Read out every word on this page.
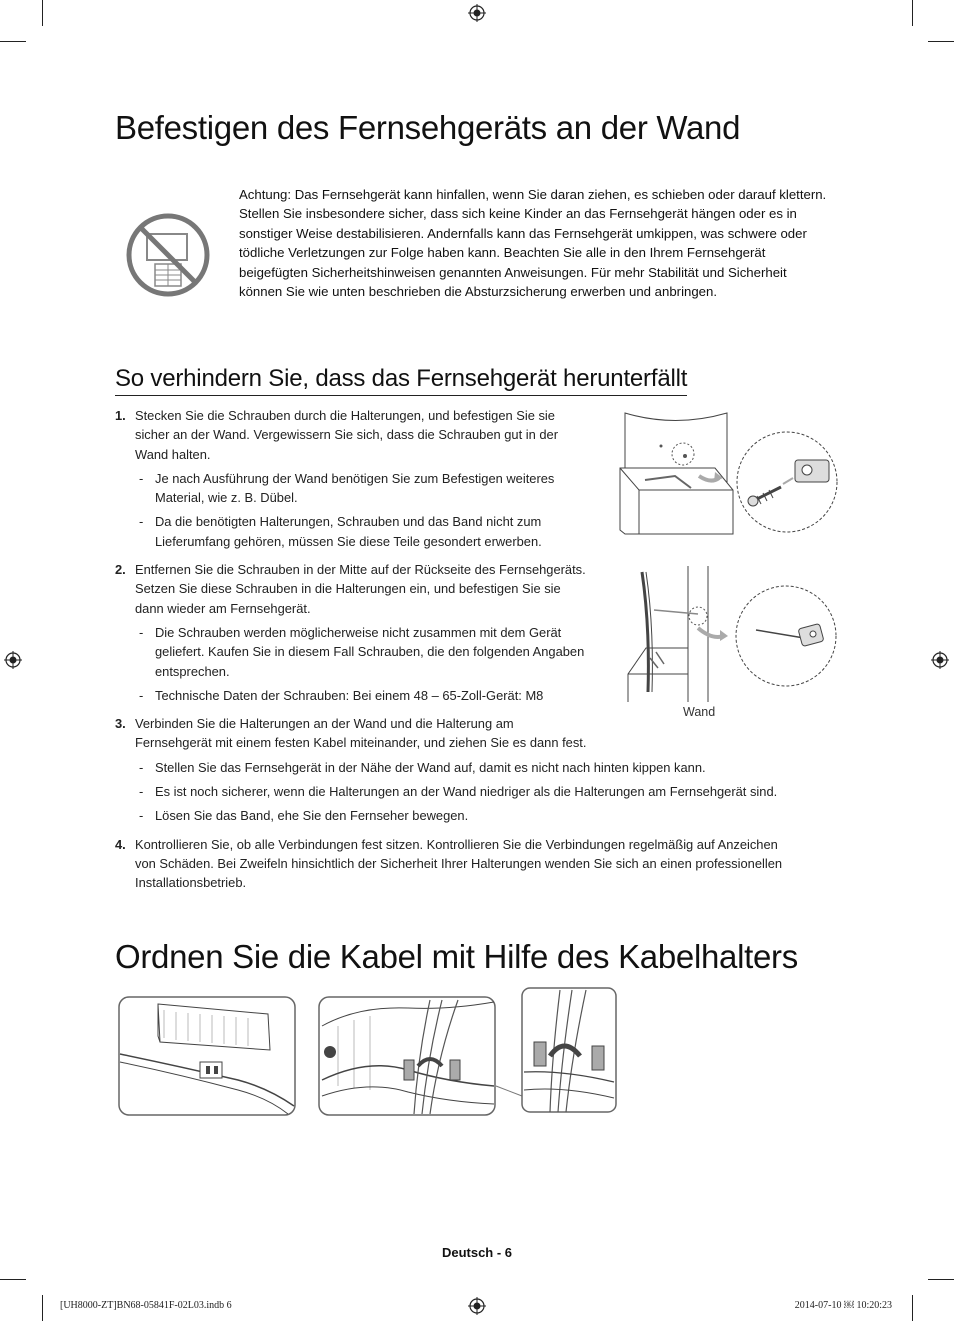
Befestigen des Fernsehgeräts an der Wand
Achtung: Das Fernsehgerät kann hinfallen, wenn Sie daran ziehen, es schieben oder darauf klettern. Stellen Sie insbesondere sicher, dass sich keine Kinder an das Fernsehgerät hängen oder es in sonstiger Weise destabilisieren. Andernfalls kann das Fernsehgerät umkippen, was schwere oder tödliche Verletzungen zur Folge haben kann. Beachten Sie alle in den Ihrem Fernsehgerät beigefügten Sicherheitshinweisen genannten Anweisungen. Für mehr Stabilität und Sicherheit können Sie wie unten beschrieben die Absturzsicherung erwerben und anbringen.
So verhindern Sie, dass das Fernsehgerät herunterfällt
1. Stecken Sie die Schrauben durch die Halterungen, und befestigen Sie sie sicher an der Wand. Vergewissern Sie sich, dass die Schrauben gut in der Wand halten.
- Je nach Ausführung der Wand benötigen Sie zum Befestigen weiteres Material, wie z. B. Dübel.
- Da die benötigten Halterungen, Schrauben und das Band nicht zum Lieferumfang gehören, müssen Sie diese Teile gesondert erwerben.
2. Entfernen Sie die Schrauben in der Mitte auf der Rückseite des Fernsehgeräts. Setzen Sie diese Schrauben in die Halterungen ein, und befestigen Sie sie dann wieder am Fernsehgerät.
- Die Schrauben werden möglicherweise nicht zusammen mit dem Gerät geliefert. Kaufen Sie in diesem Fall Schrauben, die den folgenden Angaben entsprechen.
- Technische Daten der Schrauben: Bei einem 48 – 65-Zoll-Gerät: M8
3. Verbinden Sie die Halterungen an der Wand und die Halterung am Fernsehgerät mit einem festen Kabel miteinander, und ziehen Sie es dann fest.
- Stellen Sie das Fernsehgerät in der Nähe der Wand auf, damit es nicht nach hinten kippen kann.
- Es ist noch sicherer, wenn die Halterungen an der Wand niedriger als die Halterungen am Fernsehgerät sind.
- Lösen Sie das Band, ehe Sie den Fernseher bewegen.
4. Kontrollieren Sie, ob alle Verbindungen fest sitzen. Kontrollieren Sie die Verbindungen regelmäßig auf Anzeichen von Schäden. Bei Zweifeln hinsichtlich der Sicherheit Ihrer Halterungen wenden Sie sich an einen professionellen Installationsbetrieb.
Wand
Ordnen Sie die Kabel mit Hilfe des Kabelhalters
Deutsch - 6
[UH8000-ZT]BN68-05841F-02L03.indb 6	2014-07-10 ￼ 10:20:23
